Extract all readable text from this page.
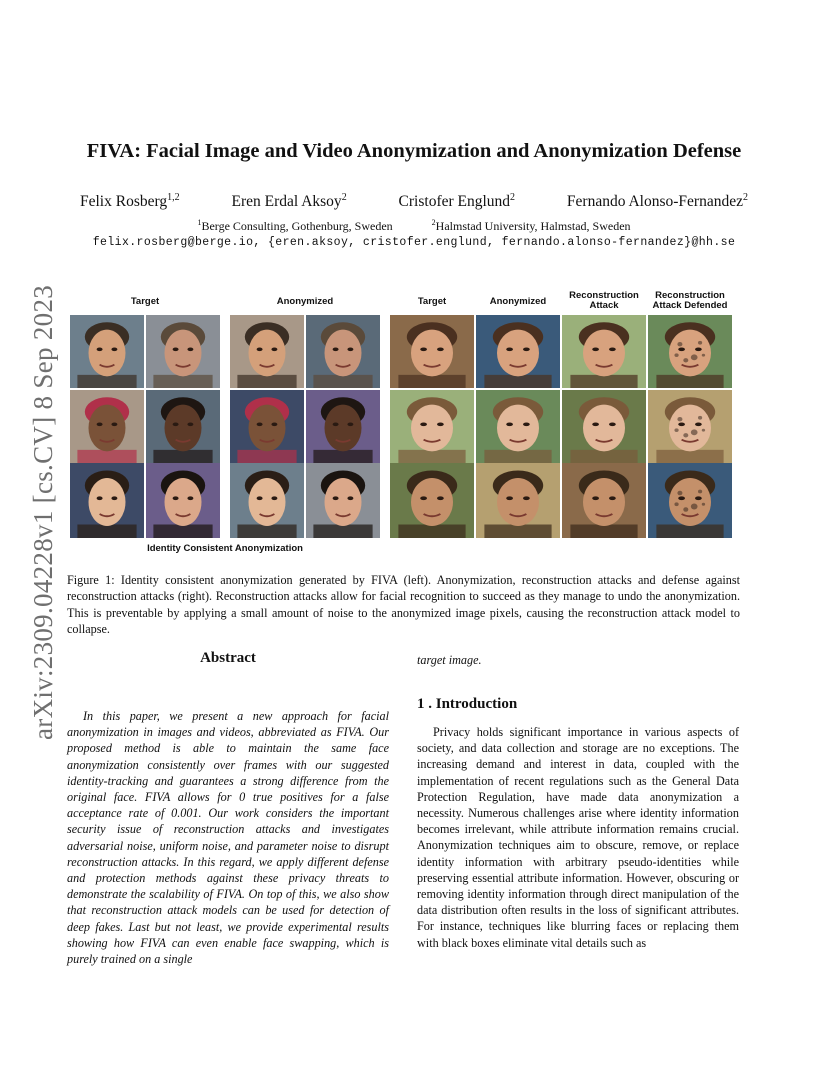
arXiv:2309.04228v1 [cs.CV] 8 Sep 2023
FIVA: Facial Image and Video Anonymization and Anonymization Defense
Felix Rosberg$^{1,2}$	Eren Erdal Aksoy$^2$	Cristofer Englund$^2$	Fernando Alonso-Fernandez$^2$
$^1$Berge Consulting, Gothenburg, Sweden	$^2$Halmstad University, Halmstad, Sweden
felix.rosberg@berge.io, {eren.aksoy, cristofer.englund, fernando.alonso-fernandez}@hh.se
Target	Anonymized
Identity Consistent Anonymization
Target	Anonymized
Reconstruction Attack
Reconstruction Attack Defended
Figure 1: Identity consistent anonymization generated by FIVA (left). Anonymization, reconstruction attacks and defense against reconstruction attacks (right). Reconstruction attacks allow for facial recognition to succeed as they manage to undo the anonymization. This is preventable by applying a small amount of noise to the anonymized image pixels, causing the reconstruction attack model to collapse.
Abstract
In this paper, we present a new approach for facial anonymization in images and videos, abbreviated as FIVA. Our proposed method is able to maintain the same face anonymization consistently over frames with our suggested identity-tracking and guarantees a strong difference from the original face. FIVA allows for 0 true positives for a false acceptance rate of 0.001. Our work considers the important security issue of reconstruction attacks and investigates adversarial noise, uniform noise, and parameter noise to disrupt reconstruction attacks. In this regard, we apply different defense and protection methods against these privacy threats to demonstrate the scalability of FIVA. On top of this, we also show that reconstruction attack models can be used for detection of deep fakes. Last but not least, we provide experimental results showing how FIVA can even enable face swapping, which is purely trained on a single
target image.
1 . Introduction
Privacy holds significant importance in various aspects of society, and data collection and storage are no exceptions. The increasing demand and interest in data, coupled with the implementation of recent regulations such as the General Data Protection Regulation, have made data anonymization a necessity. Numerous challenges arise where identity information becomes irrelevant, while attribute information remains crucial. Anonymization techniques aim to obscure, remove, or replace identity information with arbitrary pseudo-identities while preserving essential attribute information. However, obscuring or removing identity information through direct manipulation of the data distribution often results in the loss of significant attributes. For instance, techniques like blurring faces or replacing them with black boxes eliminate vital details such as
